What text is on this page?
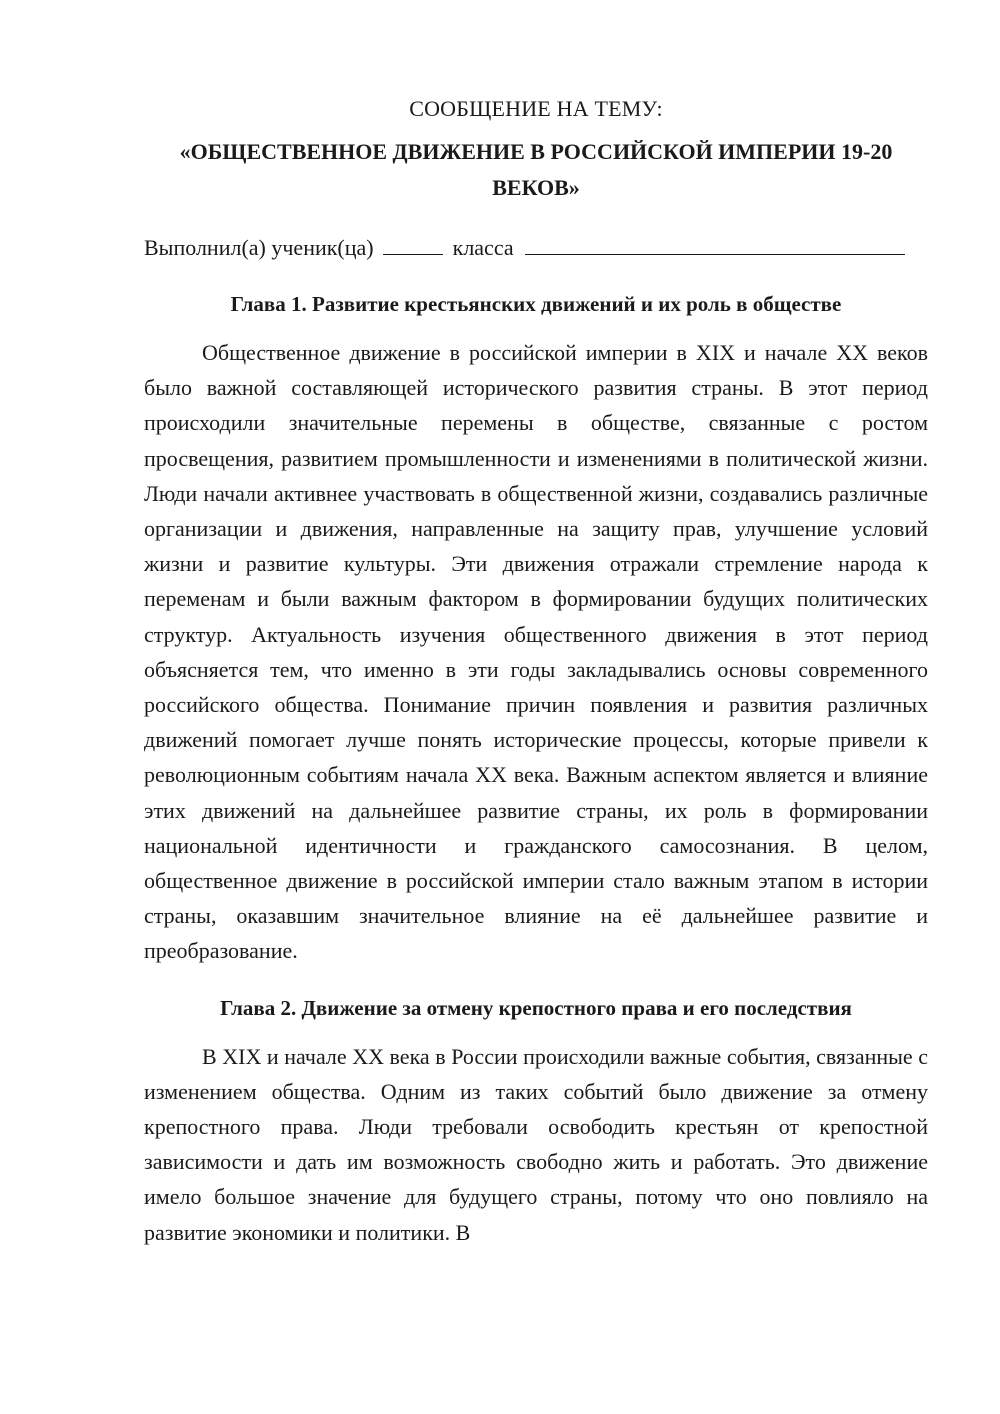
СООБЩЕНИЕ НА ТЕМУ:

«ОБЩЕСТВЕННОЕ ДВИЖЕНИЕ В РОССИЙСКОЙ ИМПЕРИИ 19-20 ВЕКОВ»

Выполнил(а) ученик(ца)	класса

Глава 1. Развитие крестьянских движений и их роль в обществе

Общественное движение в российской империи в XIX и начале XX веков было важной составляющей исторического развития страны. В этот период происходили значительные перемены в обществе, связанные с ростом просвещения, развитием промышленности и изменениями в политической жизни. Люди начали активнее участвовать в общественной жизни, создавались различные организации и движения, направленные на защиту прав, улучшение условий жизни и развитие культуры. Эти движения отражали стремление народа к переменам и были важным фактором в формировании будущих политических структур. Актуальность изучения общественного движения в этот период объясняется тем, что именно в эти годы закладывались основы современного российского общества. Понимание причин появления и развития различных движений помогает лучше понять исторические процессы, которые привели к революционным событиям начала XX века. Важным аспектом является и влияние этих движений на дальнейшее развитие страны, их роль в формировании национальной идентичности и гражданского самосознания. В целом, общественное движение в российской империи стало важным этапом в истории страны, оказавшим значительное влияние на её дальнейшее развитие и преобразование.

Глава 2. Движение за отмену крепостного права и его последствия

В XIX и начале XX века в России происходили важные события, связанные с изменением общества. Одним из таких событий было движение за отмену крепостного права. Люди требовали освободить крестьян от крепостной зависимости и дать им возможность свободно жить и работать. Это движение имело большое значение для будущего страны, потому что оно повлияло на развитие экономики и политики. В
